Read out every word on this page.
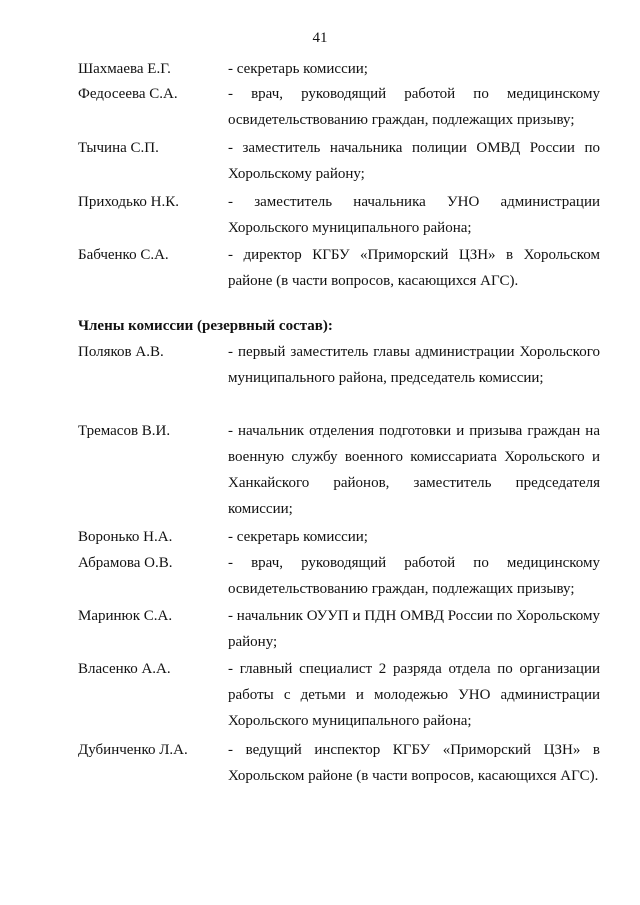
41
Шахмаева Е.Г.	- секретарь комиссии;
Федосеева С.А.	- врач, руководящий работой по медицинскому освидетельствованию граждан, подлежащих призыву;
Тычина С.П.	- заместитель начальника полиции ОМВД России по Хорольскому району;
Приходько Н.К.	- заместитель начальника УНО администрации Хорольского муниципального района;
Бабченко С.А.	- директор КГБУ «Приморский ЦЗН» в Хорольском районе (в части вопросов, касающихся АГС).
Члены комиссии (резервный состав):
Поляков А.В.	- первый заместитель главы администрации Хорольского муниципального района, председатель комиссии;
Тремасов В.И.	- начальник отделения подготовки и призыва граждан на военную службу военного комиссариата Хорольского и Ханкайского районов, заместитель председателя комиссии;
Воронько Н.А.	- секретарь комиссии;
Абрамова О.В.	- врач, руководящий работой по медицинскому освидетельствованию граждан, подлежащих призыву;
Маринюк С.А.	- начальник ОУУП и ПДН ОМВД России по Хорольскому району;
Власенко А.А.	- главный специалист 2 разряда отдела по организации работы с детьми и молодежью УНО администрации Хорольского муниципального района;
Дубинченко Л.А.	- ведущий инспектор КГБУ «Приморский ЦЗН» в Хорольском районе (в части вопросов, касающихся АГС).
